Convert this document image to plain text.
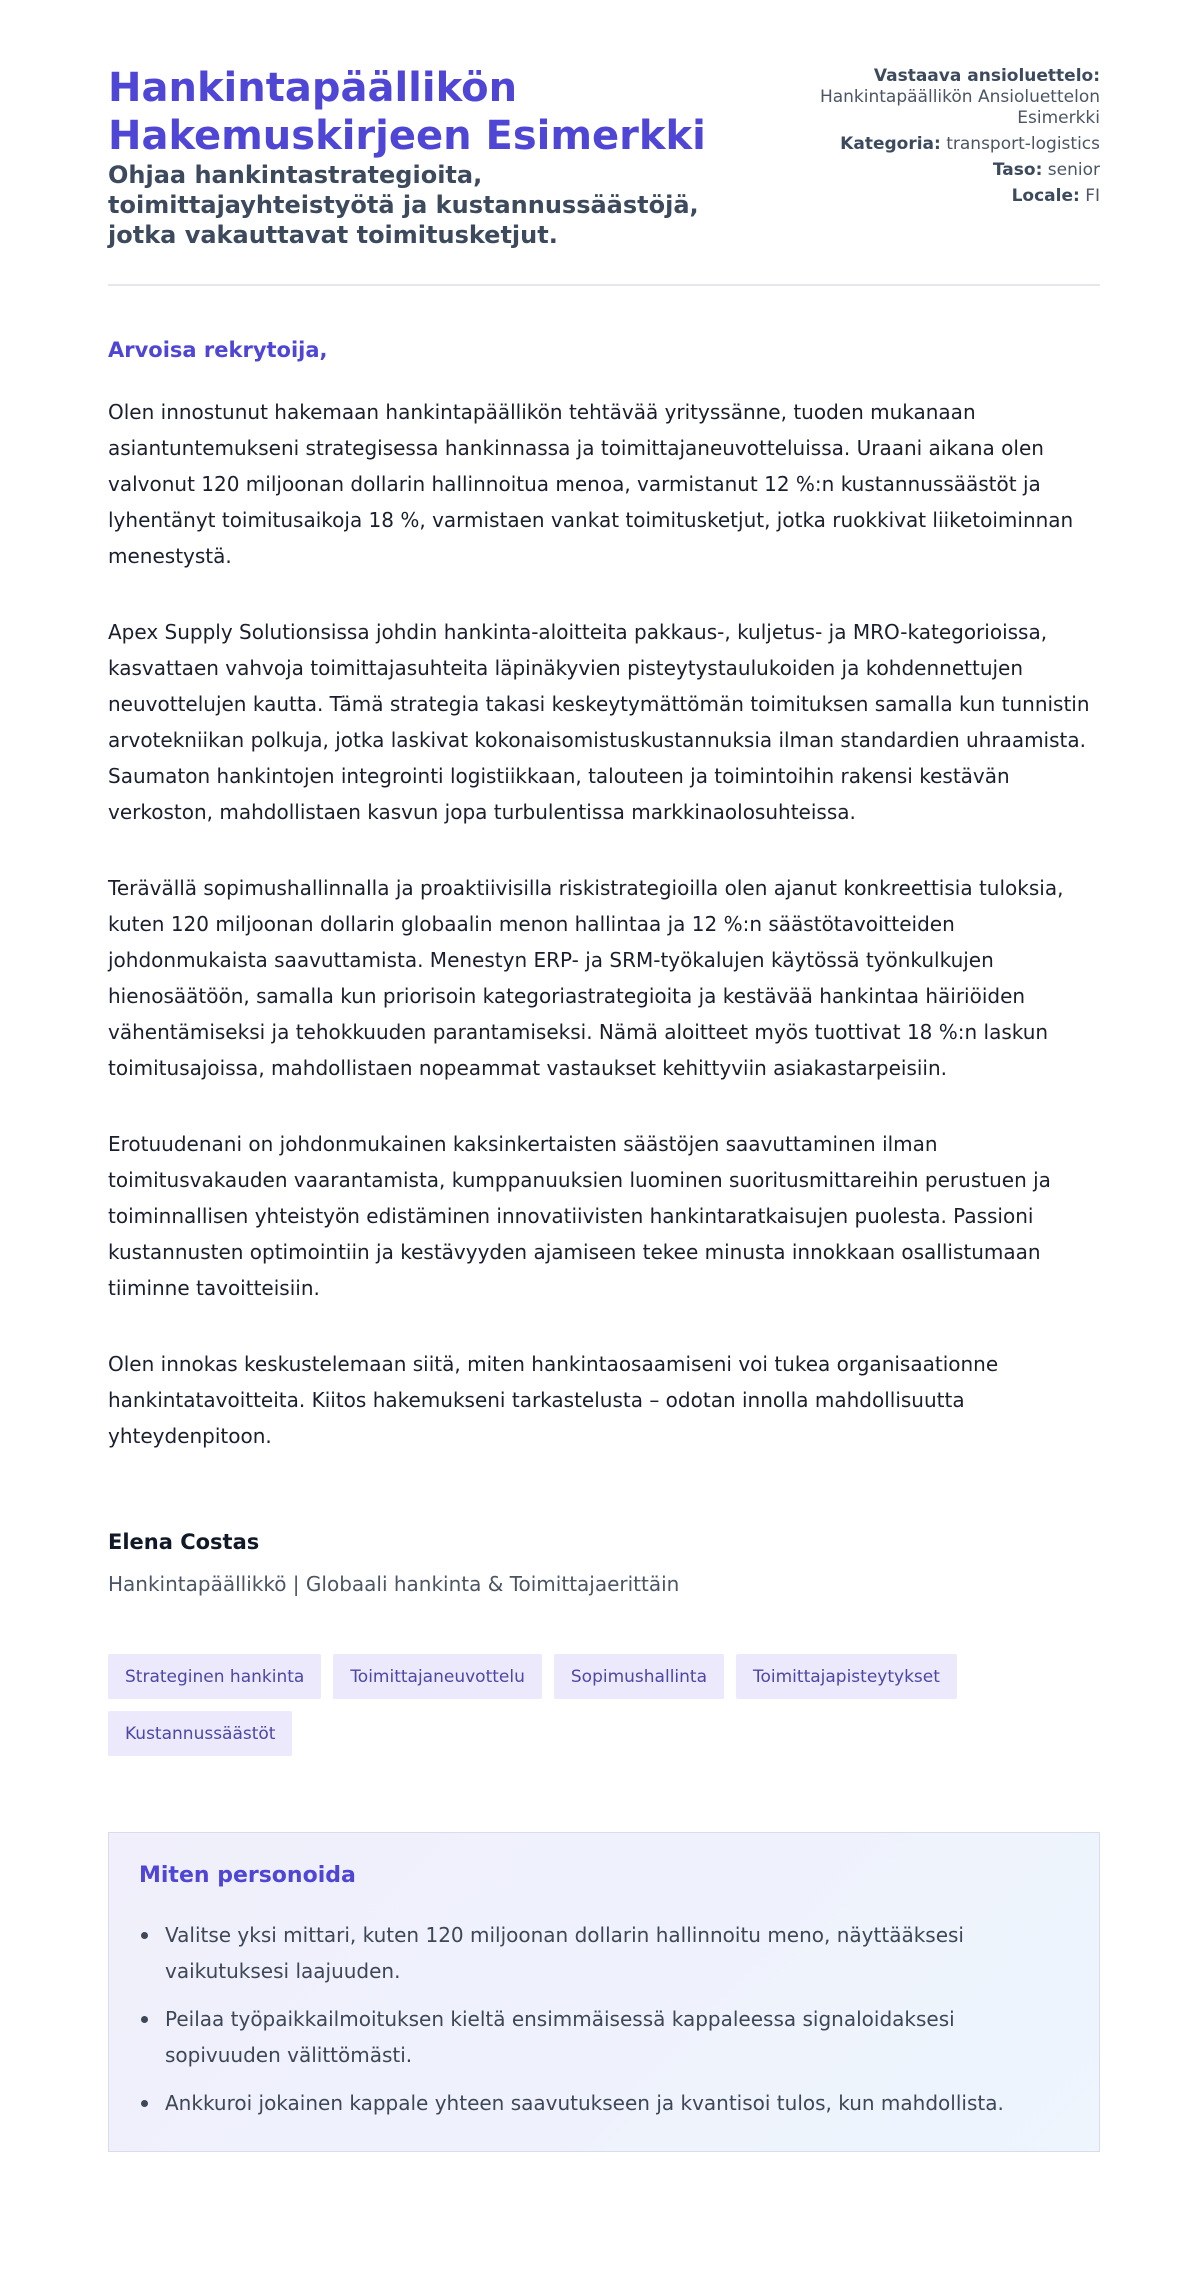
Hankintapäällikön Hakemuskirjeen Esimerkki
Ohjaa hankintastrategioita, toimittajayhteistyötä ja kustannussäästöjä, jotka vakauttavat toimitusketjut.
Vastaava ansioluettelo:
Hankintapäällikön Ansioluettelon Esimerkki
Kategoria: transport-logistics
Taso: senior
Locale: FI

Arvoisa rekrytoija,

Olen innostunut hakemaan hankintapäällikön tehtävää yrityssänne, tuoden mukanaan asiantuntemukseni strategisessa hankinnassa ja toimittajaneuvotteluissa. Uraani aikana olen valvonut 120 miljoonan dollarin hallinnoitua menoa, varmistanut 12 %:n kustannussäästöt ja lyhentänyt toimitusaikoja 18 %, varmistaen vankat toimitusketjut, jotka ruokkivat liiketoiminnan menestystä.

Apex Supply Solutionsissa johdin hankinta-aloitteita pakkaus-, kuljetus- ja MRO-kategorioissa, kasvattaen vahvoja toimittajasuhteita läpinäkyvien pisteytystaulukoiden ja kohdennettujen neuvottelujen kautta. Tämä strategia takasi keskeytymättömän toimituksen samalla kun tunnistin arvotekniikan polkuja, jotka laskivat kokonaisomistuskustannuksia ilman standardien uhraamista. Saumaton hankintojen integrointi logistiikkaan, talouteen ja toimintoihin rakensi kestävän verkoston, mahdollistaen kasvun jopa turbulentissa markkinaolosuhteissa.

Terävällä sopimushallinnalla ja proaktiivisilla riskistrategioilla olen ajanut konkreettisia tuloksia, kuten 120 miljoonan dollarin globaalin menon hallintaa ja 12 %:n säästötavoitteiden johdonmukaista saavuttamista. Menestyn ERP- ja SRM-työkalujen käytössä työnkulkujen hienosäätöön, samalla kun priorisoin kategoriastrategioita ja kestävää hankintaa häiriöiden vähentämiseksi ja tehokkuuden parantamiseksi. Nämä aloitteet myös tuottivat 18 %:n laskun toimitusajoissa, mahdollistaen nopeammat vastaukset kehittyviin asiakastarpeisiin.

Erotuudenani on johdonmukainen kaksinkertaisten säästöjen saavuttaminen ilman toimitusvakauden vaarantamista, kumppanuuksien luominen suoritusmittareihin perustuen ja toiminnallisen yhteistyön edistäminen innovatiivisten hankintaratkaisujen puolesta. Passioni kustannusten optimointiin ja kestävyyden ajamiseen tekee minusta innokkaan osallistumaan tiiminne tavoitteisiin.

Olen innokas keskustelemaan siitä, miten hankintaosaamiseni voi tukea organisaationne hankintatavoitteita. Kiitos hakemukseni tarkastelusta – odotan innolla mahdollisuutta yhteydenpitoon.

Elena Costas
Hankintapäällikkö | Globaali hankinta & Toimittajaerittäin
Strateginen hankinta	Toimittajaneuvottelu	Sopimushallinta	Toimittajapisteytykset
Kustannussäästöt
Miten personoida
Valitse yksi mittari, kuten 120 miljoonan dollarin hallinnoitu meno, näyttääksesi vaikutuksesi laajuuden.
Peilaa työpaikkailmoituksen kieltä ensimmäisessä kappaleessa signaloidaksesi sopivuuden välittömästi.
Ankkuroi jokainen kappale yhteen saavutukseen ja kvantisoi tulos, kun mahdollista.
